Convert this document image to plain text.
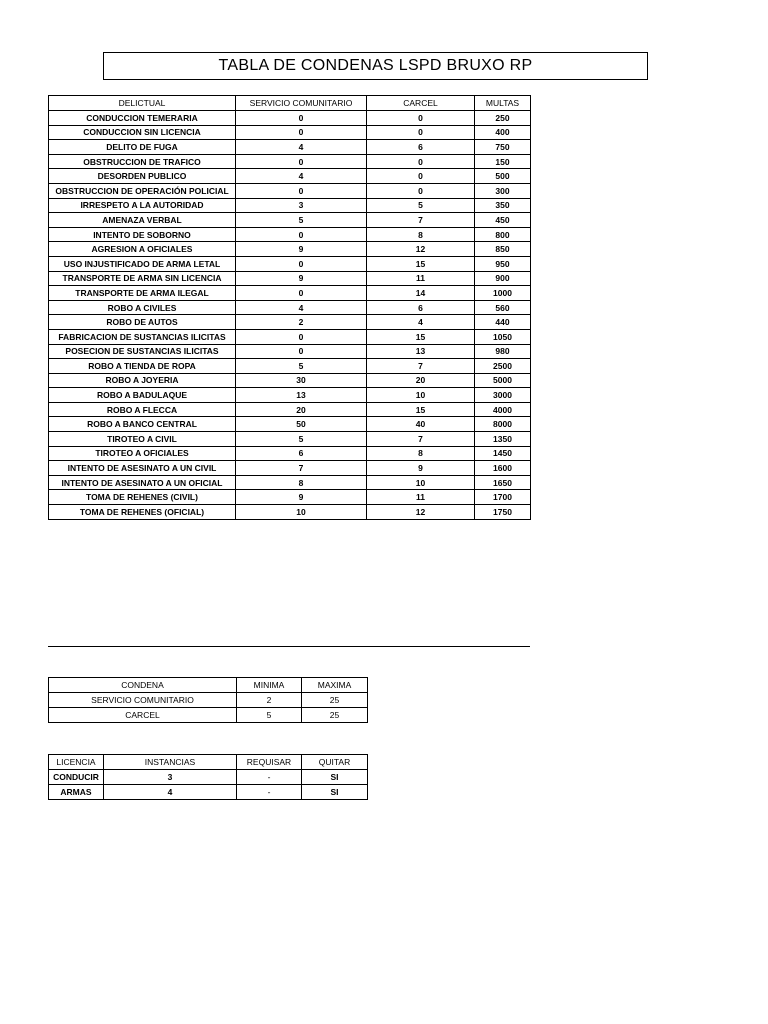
TABLA DE CONDENAS LSPD BRUXO RP
DELICTUAL	SERVICIO COMUNITARIO	CARCEL	MULTAS
CONDUCCION TEMERARIA	0	0	250
CONDUCCION SIN LICENCIA	0	0	400
DELITO DE FUGA	4	6	750
OBSTRUCCION DE TRAFICO	0	0	150
DESORDEN PUBLICO	4	0	500
OBSTRUCCION DE OPERACIÓN POLICIAL	0	0	300
IRRESPETO A LA AUTORIDAD	3	5	350
AMENAZA VERBAL	5	7	450
INTENTO DE SOBORNO	0	8	800
AGRESION A OFICIALES	9	12	850
USO INJUSTIFICADO DE ARMA LETAL	0	15	950
TRANSPORTE DE ARMA SIN LICENCIA	9	11	900
TRANSPORTE DE ARMA ILEGAL	0	14	1000
ROBO A CIVILES	4	6	560
ROBO DE AUTOS	2	4	440
FABRICACION DE SUSTANCIAS ILICITAS	0	15	1050
POSECION DE SUSTANCIAS ILICITAS	0	13	980
ROBO A TIENDA DE ROPA	5	7	2500
ROBO A JOYERIA	30	20	5000
ROBO A BADULAQUE	13	10	3000
ROBO A FLECCA	20	15	4000
ROBO A BANCO CENTRAL	50	40	8000
TIROTEO A CIVIL	5	7	1350
TIROTEO A OFICIALES	6	8	1450
INTENTO DE ASESINATO A UN CIVIL	7	9	1600
INTENTO DE ASESINATO A UN OFICIAL	8	10	1650
TOMA DE REHENES (CIVIL)	9	11	1700
TOMA DE REHENES (OFICIAL)	10	12	1750
CONDENA	MINIMA	MAXIMA
SERVICIO COMUNITARIO	2	25
CARCEL	5	25
LICENCIA	INSTANCIAS	REQUISAR	QUITAR
CONDUCIR	3	-	SI
ARMAS	4	-	SI
